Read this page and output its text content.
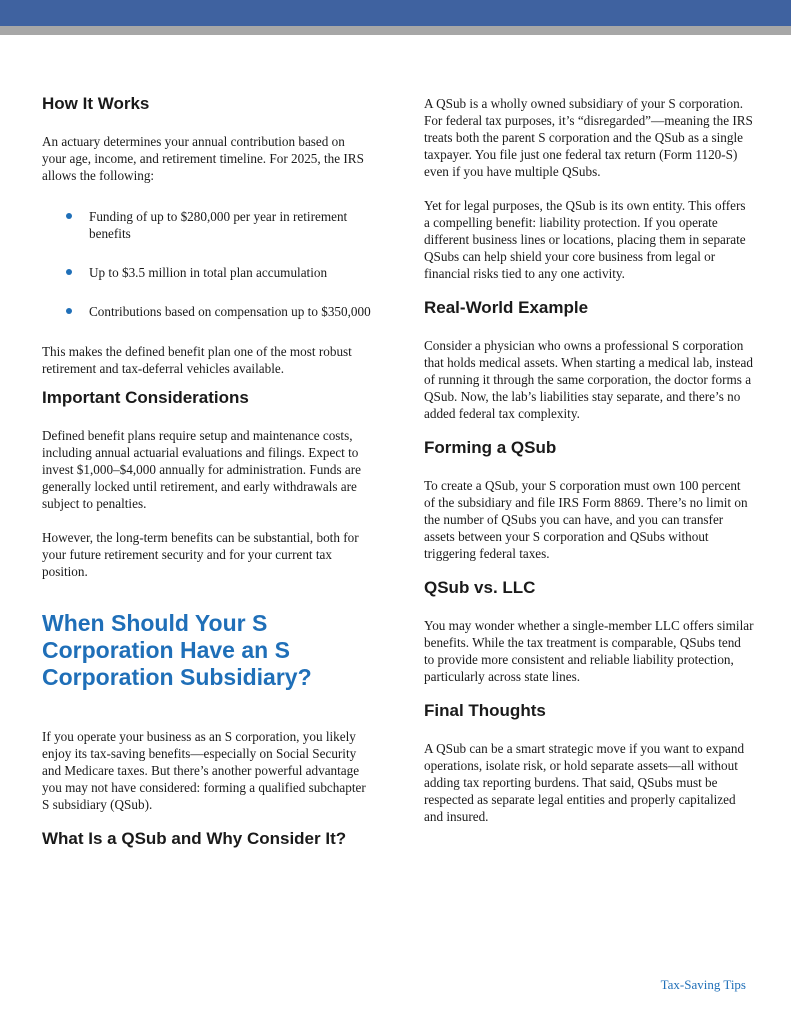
How It Works

An actuary determines your annual contribution based on your age, income, and retirement timeline. For 2025, the IRS allows the following:

Funding of up to $280,000 per year in retirement benefits
Up to $3.5 million in total plan accumulation
Contributions based on compensation up to $350,000

This makes the defined benefit plan one of the most robust retirement and tax-deferral vehicles available.

Important Considerations

Defined benefit plans require setup and maintenance costs, including annual actuarial evaluations and filings. Expect to invest $1,000–$4,000 annually for administration. Funds are generally locked until retirement, and early withdrawals are subject to penalties.

However, the long-term benefits can be substantial, both for your future retirement security and for your current tax position.

When Should Your S Corporation Have an S Corporation Subsidiary?

If you operate your business as an S corporation, you likely enjoy its tax-saving benefits—especially on Social Security and Medicare taxes. But there’s another powerful advantage you may not have considered: forming a qualified subchapter S subsidiary (QSub).

What Is a QSub and Why Consider It?

A QSub is a wholly owned subsidiary of your S corporation. For federal tax purposes, it’s “disregarded”—meaning the IRS treats both the parent S corporation and the QSub as a single taxpayer. You file just one federal tax return (Form 1120-S) even if you have multiple QSubs.

Yet for legal purposes, the QSub is its own entity. This offers a compelling benefit: liability protection. If you operate different business lines or locations, placing them in separate QSubs can help shield your core business from legal or financial risks tied to any one activity.

Real-World Example

Consider a physician who owns a professional S corporation that holds medical assets. When starting a medical lab, instead of running it through the same corporation, the doctor forms a QSub. Now, the lab’s liabilities stay separate, and there’s no added federal tax complexity.

Forming a QSub

To create a QSub, your S corporation must own 100 percent of the subsidiary and file IRS Form 8869. There’s no limit on the number of QSubs you can have, and you can transfer assets between your S corporation and QSubs without triggering federal taxes.

QSub vs. LLC

You may wonder whether a single-member LLC offers similar benefits. While the tax treatment is comparable, QSubs tend to provide more consistent and reliable liability protection, particularly across state lines.

Final Thoughts

A QSub can be a smart strategic move if you want to expand operations, isolate risk, or hold separate assets—all without adding tax reporting burdens. That said, QSubs must be respected as separate legal entities and properly capitalized and insured.

Tax-Saving Tips
